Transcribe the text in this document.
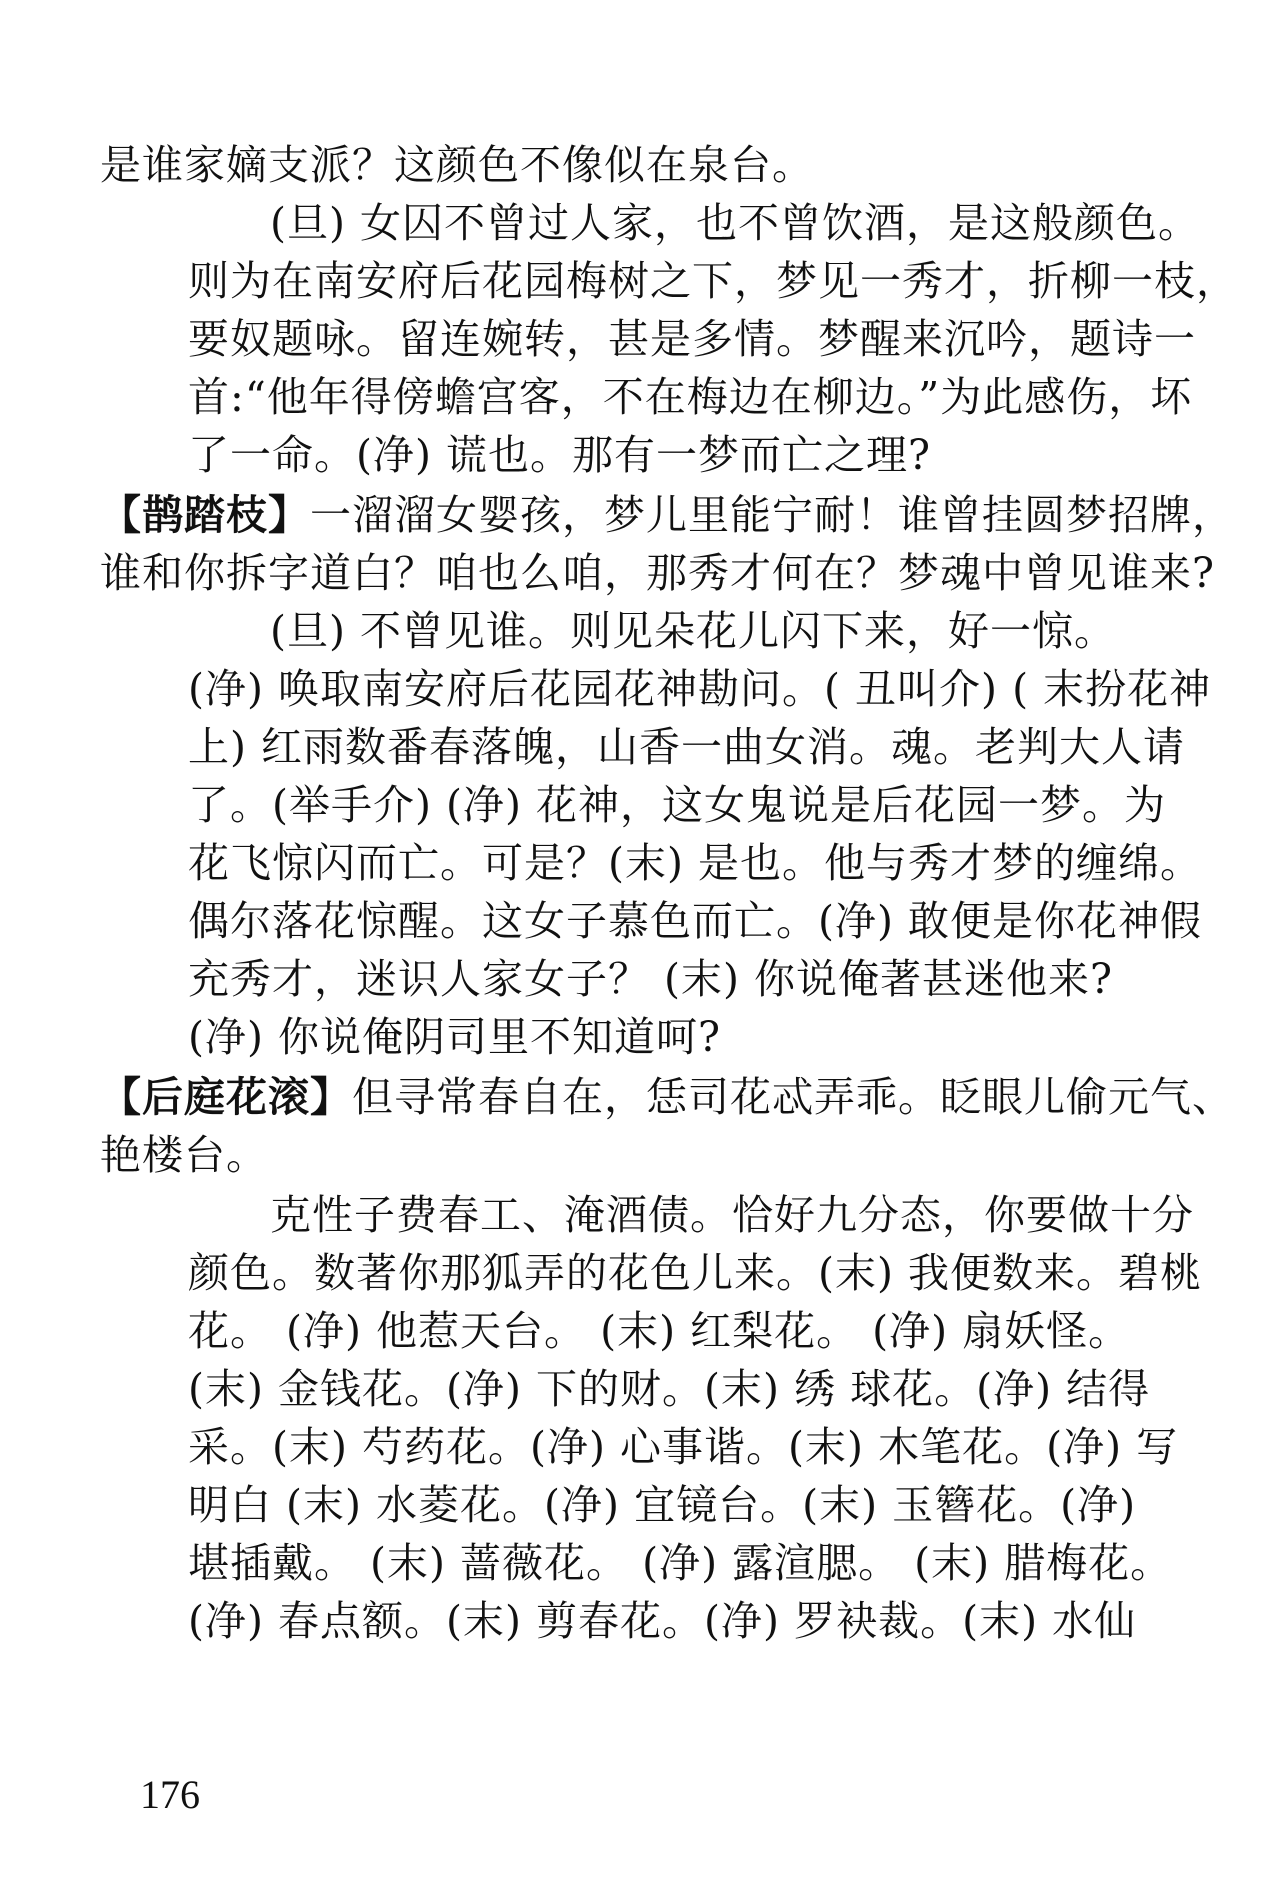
是谁家嫡支派？这颜色不像似在泉台。
(旦) 女囚不曾过人家，也不曾饮酒，是这般颜色。
则为在南安府后花园梅树之下，梦见一秀才，折柳一枝，
要奴题咏。留连婉转，甚是多情。梦醒来沉吟，题诗一
首:“他年得傍蟾宫客，不在梅边在柳边。”为此感伤，坏
了一命。(净) 谎也。那有一梦而亡之理?
【鹊踏枝】一溜溜女婴孩，梦儿里能宁耐！谁曾挂圆梦招牌，
谁和你拆字道白？咱也么咱，那秀才何在？梦魂中曾见谁来?
(旦) 不曾见谁。则见朵花儿闪下来，好一惊。
(净) 唤取南安府后花园花神勘问。( 丑叫介) ( 末扮花神
上) 红雨数番春落魄，山香一曲女消。魂。老判大人请
了。(举手介) (净) 花神，这女鬼说是后花园一梦。为
花飞惊闪而亡。可是？(末) 是也。他与秀才梦的缠绵。
偶尔落花惊醒。这女子慕色而亡。(净) 敢便是你花神假
充秀才，迷识人家女子？ (末) 你说俺著甚迷他来?
(净) 你说俺阴司里不知道呵?
【后庭花滚】但寻常春自在，恁司花忒弄乖。眨眼儿偷元气、
艳楼台。
克性子费春工、淹酒债。恰好九分态，你要做十分
颜色。数著你那狐弄的花色儿来。(末) 我便数来。碧桃
花。 (净) 他惹天台。 (末) 红梨花。 (净) 扇妖怪。
(末) 金钱花。(净) 下的财。(末) 绣 球花。(净) 结得
采。(末) 芍药花。(净) 心事谐。(末) 木笔花。(净) 写
明白 (末) 水菱花。(净) 宜镜台。(末) 玉簪花。(净)
堪插戴。 (末) 蔷薇花。 (净) 露渲腮。 (末) 腊梅花。
(净) 春点额。(末) 剪春花。(净) 罗袂裁。(末) 水仙
176
